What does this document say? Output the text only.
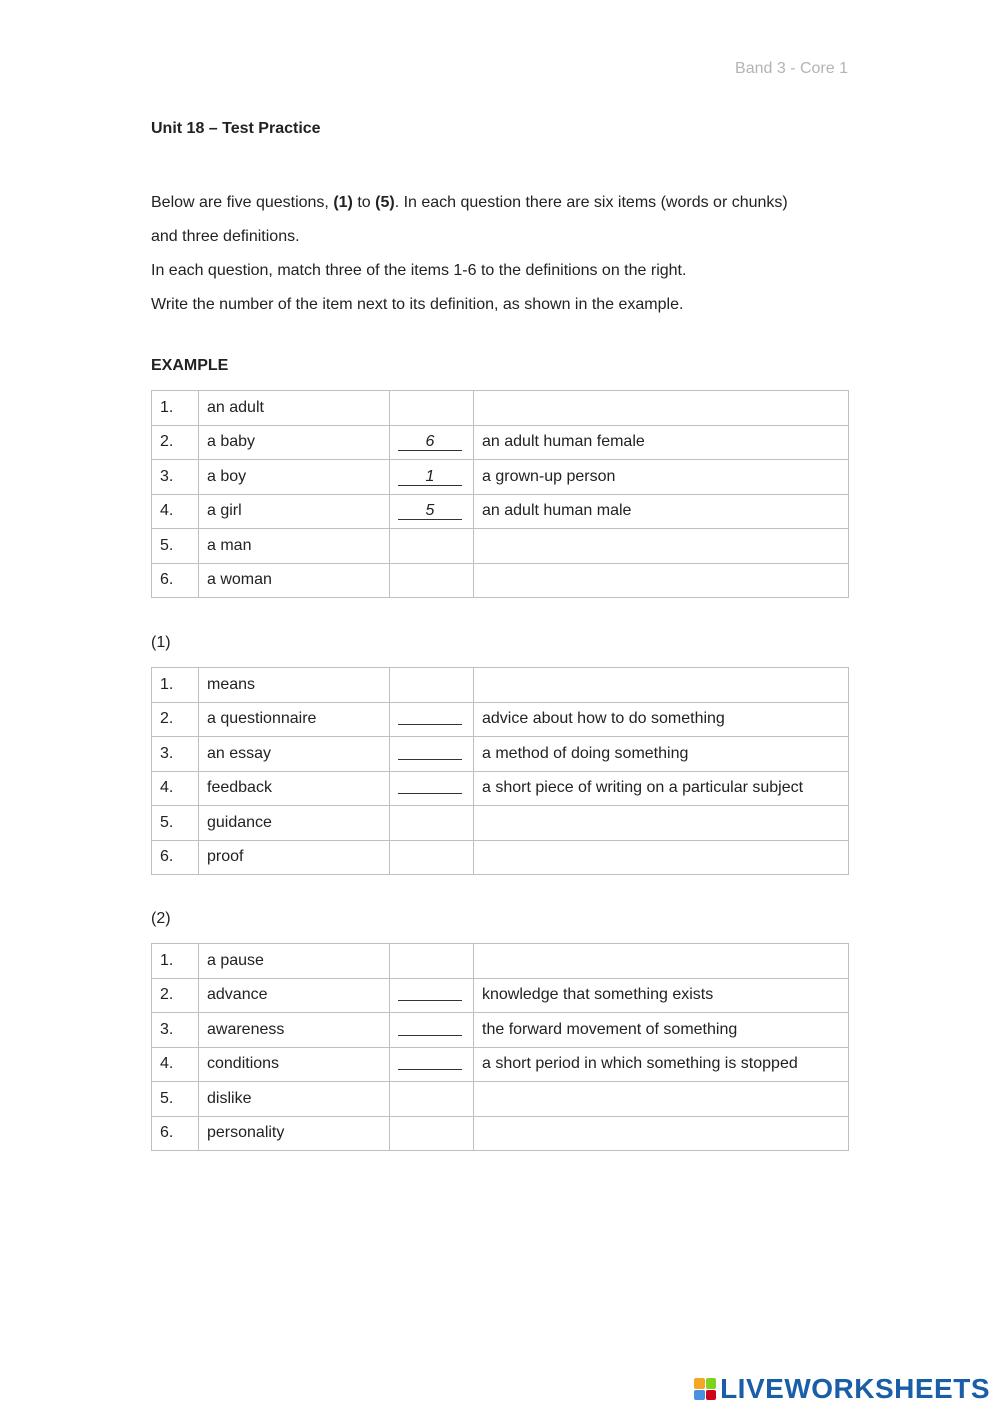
Band 3 - Core 1
Unit 18 – Test Practice

Below are five questions, (1) to (5). In each question there are six items (words or chunks)

and three definitions.

In each question, match three of the items 1-6 to the definitions on the right.

Write the number of the item next to its definition, as shown in the example.

EXAMPLE
1.	an adult		
2.	a baby	6	an adult human female
3.	a boy	1	a grown-up person
4.	a girl	5	an adult human male
5.	a man		
6.	a woman		
(1)
1.	means		
2.	a questionnaire		advice about how to do something
3.	an essay		a method of doing something
4.	feedback		a short piece of writing on a particular subject
5.	guidance		
6.	proof		
(2)
1.	a pause		
2.	advance		knowledge that something exists
3.	awareness		the forward movement of something
4.	conditions		a short period in which something is stopped
5.	dislike		
6.	personality		
LIVEWORKSHEETS
